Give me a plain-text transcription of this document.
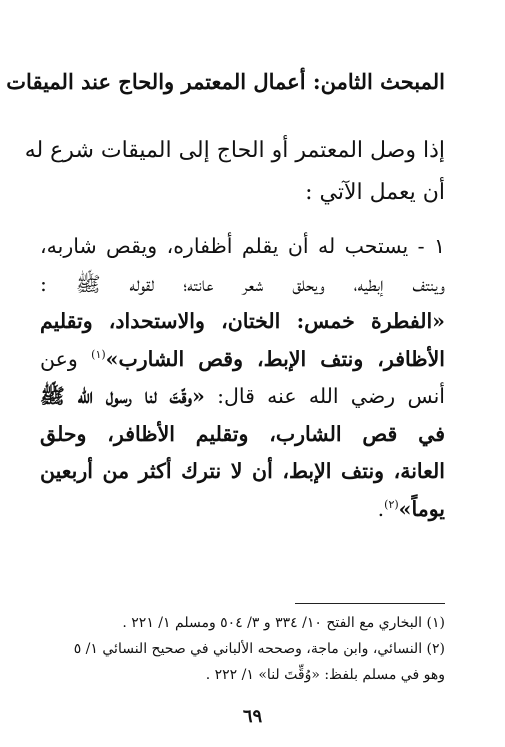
المبحث الثامن: أعمال المعتمر والحاج عند الميقات
إذا وصل المعتمر أو الحاج إلى الميقات شرع له
أن يعمل الآتي :
١ - يستحب له أن يقلم أظفاره، ويقص شاربه،
وينتف إبطيه، ويحلق شعر عانته؛ لقوله ﷺ :
«الفطرة خمس: الختان، والاستحداد، وتقليم
الأظافر، ونتف الإبط، وقص الشارب»$^{(١)}$ وعن
أنس رضي الله عنه قال: «وقّتَ لنا رسول الله ﷺ
في قص الشارب، وتقليم الأظافر، وحلق
العانة، ونتف الإبط، أن لا نترك أكثر من أربعين
يوماً»$^{(٢)}$.
(١) البخاري مع الفتح ١٠/ ٣٣٤ و ٣/ ٥٠٤ ومسلم ١/ ٢٢١ .
(٢) النسائي، وابن ماجة، وصححه الألباني في صحيح النسائي ١/ ٥
وهو في مسلم بلفظ: «وُقِّتَ لنا» ١/ ٢٢٢ .
٦٩
